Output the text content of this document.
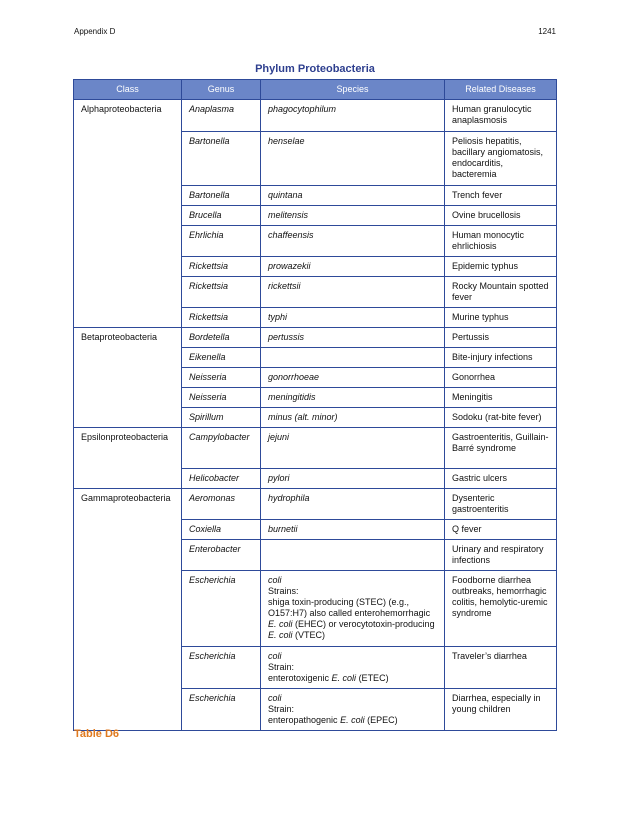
Appendix D	1241
Phylum Proteobacteria
Class	Genus	Species	Related Diseases
Alphaproteobacteria	Anaplasma	phagocytophilum	Human granulocytic anaplasmosis
	Bartonella	henselae	Peliosis hepatitis, bacillary angiomatosis, endocarditis, bacteremia
	Bartonella	quintana	Trench fever
	Brucella	melitensis	Ovine brucellosis
	Ehrlichia	chaffeensis	Human monocytic ehrlichiosis
	Rickettsia	prowazekii	Epidemic typhus
	Rickettsia	rickettsii	Rocky Mountain spotted fever
	Rickettsia	typhi	Murine typhus
Betaproteobacteria	Bordetella	pertussis	Pertussis
	Eikenella		Bite-injury infections
	Neisseria	gonorrhoeae	Gonorrhea
	Neisseria	meningitidis	Meningitis
	Spirillum	minus (alt. minor)	Sodoku (rat-bite fever)
Epsilonproteobacteria	Campylobacter	jejuni	Gastroenteritis, Guillain-Barré syndrome
	Helicobacter	pylori	Gastric ulcers
Gammaproteobacteria	Aeromonas	hydrophila	Dysenteric gastroenteritis
	Coxiella	burnetii	Q fever
	Enterobacter		Urinary and respiratory infections
	Escherichia	coli
Strains:
shiga toxin-producing (STEC) (e.g., O157:H7) also called enterohemorrhagic E. coli (EHEC) or verocytotoxin-producing E. coli (VTEC)	Foodborne diarrhea outbreaks, hemorrhagic colitis, hemolytic-uremic syndrome
	Escherichia	coli
Strain:
enterotoxigenic E. coli (ETEC)	Traveler’s diarrhea
	Escherichia	coli
Strain:
enteropathogenic E. coli (EPEC)	Diarrhea, especially in young children
Table D6
